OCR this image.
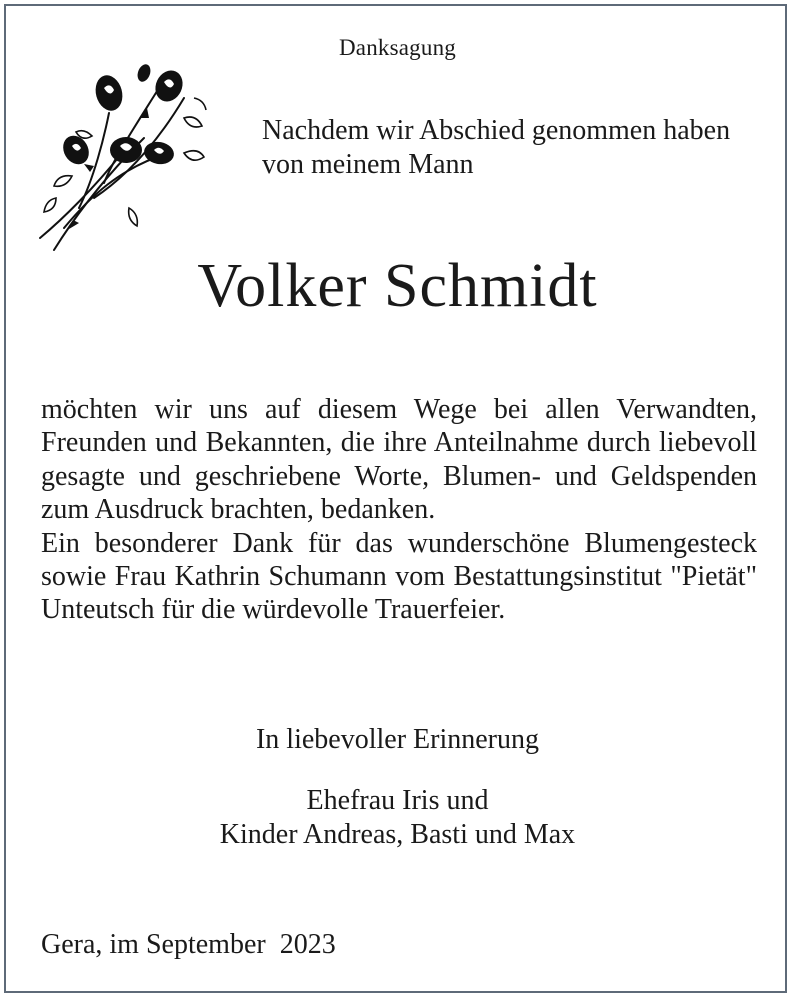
Danksagung
Nachdem wir Abschied genommen haben
von meinem Mann
Volker Schmidt
möchten wir uns auf diesem Wege bei allen Verwandten,
Freunden und Bekannten, die ihre Anteilnahme durch liebevoll
gesagte und geschriebene Worte, Blumen- und Geldspenden
zum Ausdruck brachten, bedanken.
Ein besonderer Dank für das wunderschöne Blumengesteck
sowie Frau Kathrin Schumann vom Bestattungsinstitut "Pietät"
Unteutsch für die würdevolle Trauerfeier.
In liebevoller Erinnerung
Ehefrau Iris und
Kinder Andreas, Basti und Max
Gera, im September  2023
